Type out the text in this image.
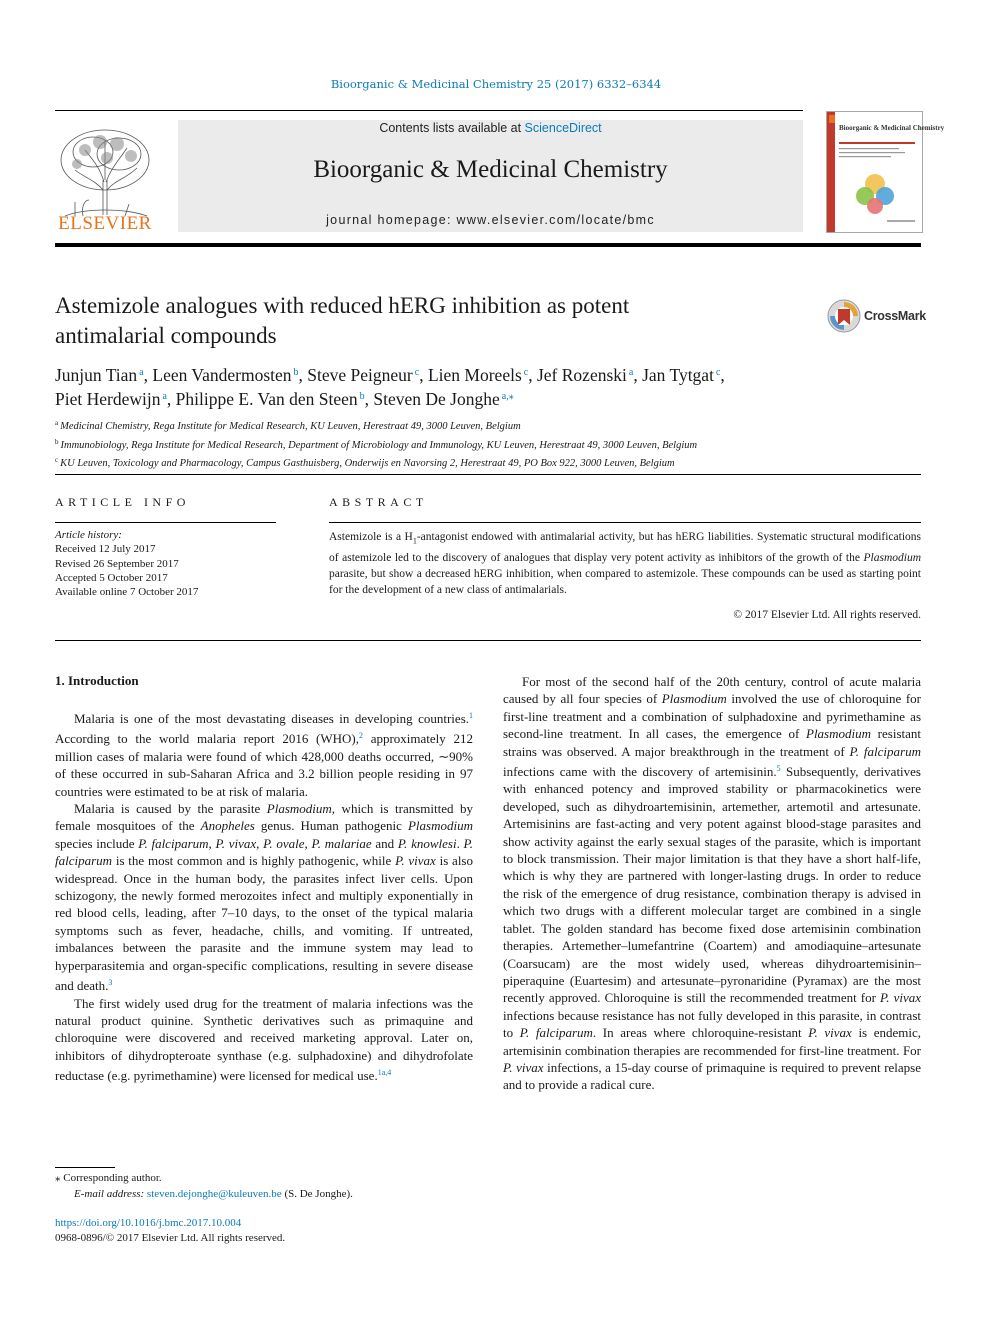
Bioorganic & Medicinal Chemistry 25 (2017) 6332–6344
ELSEVIER
Contents lists available at ScienceDirect
Bioorganic & Medicinal Chemistry
journal homepage: www.elsevier.com/locate/bmc
Bioorganic & Medicinal Chemistry
Astemizole analogues with reduced hERG inhibition as potent
antimalarial compounds
CrossMark
Junjun Tian $^a$, Leen Vandermosten $^b$, Steve Peigneur $^c$, Lien Moreels $^c$, Jef Rozenski $^a$, Jan Tytgat $^c$,
Piet Herdewijn $^a$, Philippe E. Van den Steen $^b$, Steven De Jonghe $^{a,⁎}$
$^a$ Medicinal Chemistry, Rega Institute for Medical Research, KU Leuven, Herestraat 49, 3000 Leuven, Belgium
$^b$ Immunobiology, Rega Institute for Medical Research, Department of Microbiology and Immunology, KU Leuven, Herestraat 49, 3000 Leuven, Belgium
$^c$ KU Leuven, Toxicology and Pharmacology, Campus Gasthuisberg, Onderwijs en Navorsing 2, Herestraat 49, PO Box 922, 3000 Leuven, Belgium
ARTICLE INFO	ABSTRACT
Article history:
Received 12 July 2017
Revised 26 September 2017
Accepted 5 October 2017
Available online 7 October 2017
Astemizole is a $H_1$-antagonist endowed with antimalarial activity, but has hERG liabilities. Systematic structural modifications of astemizole led to the discovery of analogues that display very potent activity as inhibitors of the growth of the Plasmodium parasite, but show a decreased hERG inhibition, when compared to astemizole. These compounds can be used as starting point for the development of a new class of antimalarials.
© 2017 Elsevier Ltd. All rights reserved.
1. Introduction

Malaria is one of the most devastating diseases in developing countries.$^1$ According to the world malaria report 2016 (WHO),$^2$ approximately 212 million cases of malaria were found of which 428,000 deaths occurred, ∼90% of these occurred in sub-Saharan Africa and 3.2 billion people residing in 97 countries were estimated to be at risk of malaria.

Malaria is caused by the parasite Plasmodium, which is transmitted by female mosquitoes of the Anopheles genus. Human pathogenic Plasmodium species include P. falciparum, P. vivax, P. ovale, P. malariae and P. knowlesi. P. falciparum is the most common and is highly pathogenic, while P. vivax is also widespread. Once in the human body, the parasites infect liver cells. Upon schizogony, the newly formed merozoites infect and multiply exponentially in red blood cells, leading, after 7–10 days, to the onset of the typical malaria symptoms such as fever, headache, chills, and vomiting. If untreated, imbalances between the parasite and the immune system may lead to hyperparasitemia and organ-specific complications, resulting in severe disease and death.$^3$

The first widely used drug for the treatment of malaria infections was the natural product quinine. Synthetic derivatives such as primaquine and chloroquine were discovered and received marketing approval. Later on, inhibitors of dihydropteroate synthase (e.g. sulphadoxine) and dihydrofolate reductase (e.g. pyrimethamine) were licensed for medical use.$^{1a,4}$

For most of the second half of the 20th century, control of acute malaria caused by all four species of Plasmodium involved the use of chloroquine for first-line treatment and a combination of sulphadoxine and pyrimethamine as second-line treatment. In all cases, the emergence of Plasmodium resistant strains was observed. A major breakthrough in the treatment of P. falciparum infections came with the discovery of artemisinin.$^5$ Subsequently, derivatives with enhanced potency and improved stability or pharmacokinetics were developed, such as dihydroartemisinin, artemether, artemotil and artesunate. Artemisinins are fast-acting and very potent against blood-stage parasites and show activity against the early sexual stages of the parasite, which is important to block transmission. Their major limitation is that they have a short half-life, which is why they are partnered with longer-lasting drugs. In order to reduce the risk of the emergence of drug resistance, combination therapy is advised in which two drugs with a different molecular target are combined in a single tablet. The golden standard has become fixed dose artemisinin combination therapies. Artemether–lumefantrine (Coartem) and amodiaquine–artesunate (Coarsucam) are the most widely used, whereas dihydroartemisinin–piperaquine (Euartesim) and artesunate–pyronaridine (Pyramax) are the most recently approved. Chloroquine is still the recommended treatment for P. vivax infections because resistance has not fully developed in this parasite, in contrast to P. falciparum. In areas where chloroquine-resistant P. vivax is endemic, artemisinin combination therapies are recommended for first-line treatment. For P. vivax infections, a 15-day course of primaquine is required to prevent relapse and to provide a radical cure.

⁎ Corresponding author.
E-mail address: steven.dejonghe@kuleuven.be (S. De Jonghe).
https://doi.org/10.1016/j.bmc.2017.10.004
0968-0896/© 2017 Elsevier Ltd. All rights reserved.
